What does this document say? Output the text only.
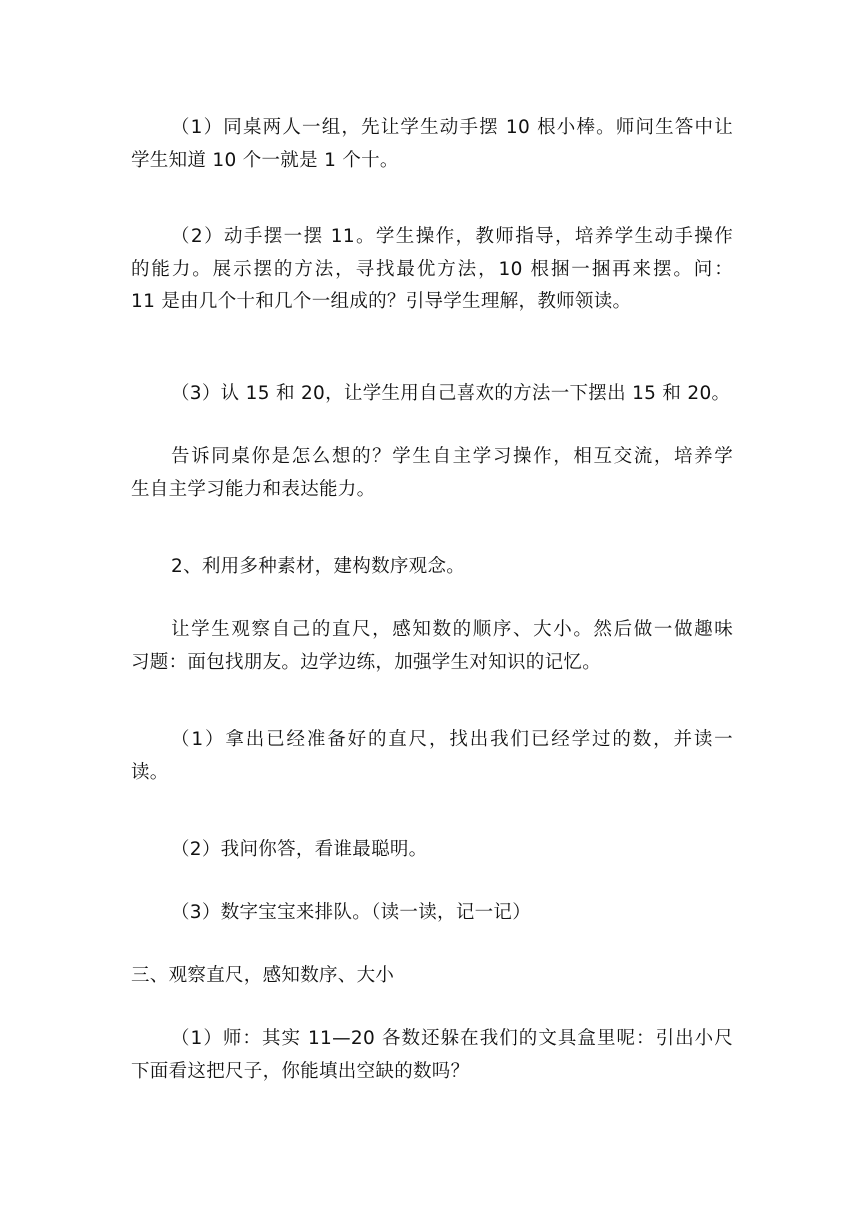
（1）同桌两人一组，先让学生动手摆 10 根小棒。师问生答中让
学生知道 10 个一就是 1 个十。
（2）动手摆一摆 11。学生操作，教师指导，培养学生动手操作
的能力。展示摆的方法，寻找最优方法，10 根捆一捆再来摆。问：
11 是由几个十和几个一组成的？引导学生理解，教师领读。
（3）认 15 和 20，让学生用自己喜欢的方法一下摆出 15 和 20。
告诉同桌你是怎么想的？学生自主学习操作，相互交流，培养学
生自主学习能力和表达能力。
2、利用多种素材，建构数序观念。
让学生观察自己的直尺，感知数的顺序、大小。然后做一做趣味
习题：面包找朋友。边学边练，加强学生对知识的记忆。
（1）拿出已经准备好的直尺，找出我们已经学过的数，并读一
读。
（2）我问你答，看谁最聪明。
（3）数字宝宝来排队。（读一读，记一记）
三、观察直尺，感知数序、大小
（1）师：其实 11—20 各数还躲在我们的文具盒里呢：引出小尺
下面看这把尺子，你能填出空缺的数吗？
